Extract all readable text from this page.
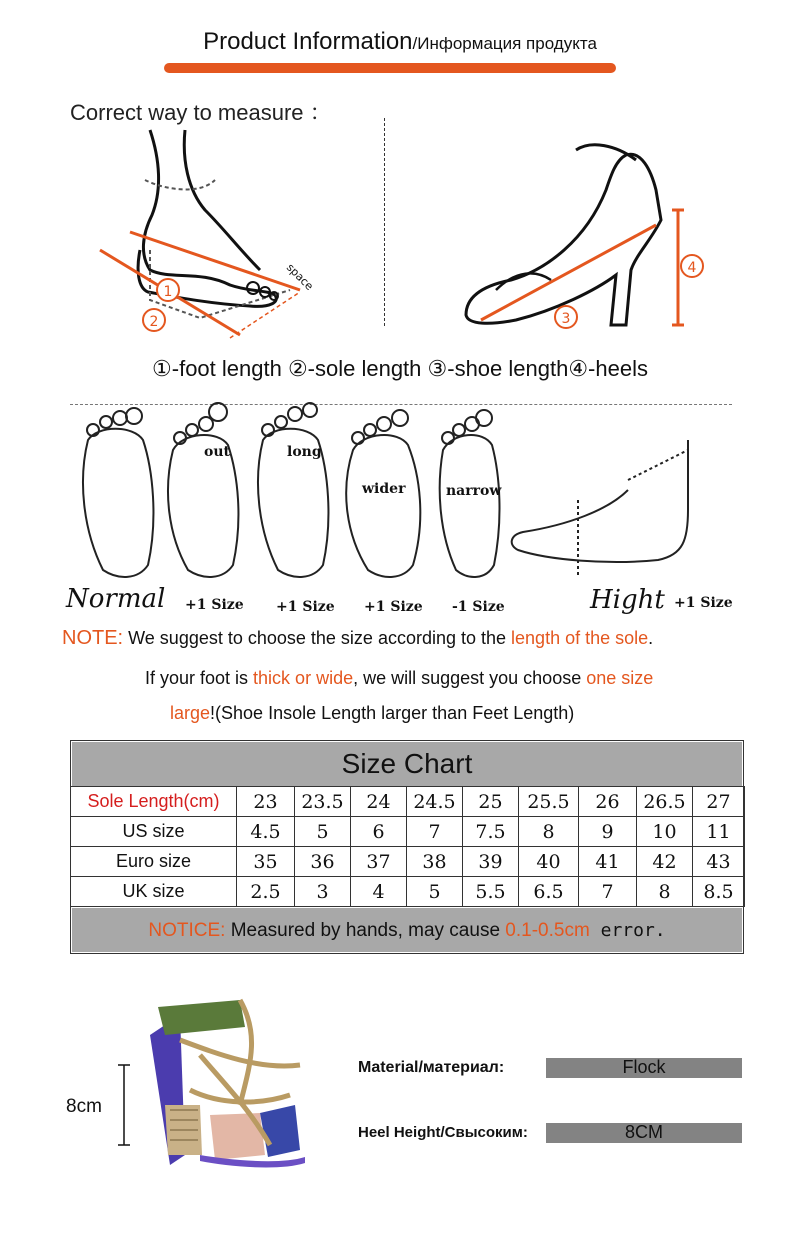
Product Information/Информация продукта
Correct way to measure ：
1
2
space
3
4
①-foot length ②-sole length ③-shoe length④-heels
out	long
wider	narrow
Normal +1 Size +1 Size +1 Size -1 Size	Hight +1 Size
NOTE: We suggest to choose the size according to the length of the sole.
If your foot is thick or wide, we will suggest you choose one size
large!(Shoe Insole Length larger than Feet Length)
Size Chart
Sole Length(cm)	23	23.5	24	24.5	25	25.5	26	26.5	27
US size	4.5	5	6	7	7.5	8	9	10	11
Euro size	35	36	37	38	39	40	41	42	43
UK size	2.5	3	4	5	5.5	6.5	7	8	8.5
NOTICE: Measured by hands, may cause 0.1-0.5cm error.
8cm
Material/материал:	Flock
Heel Height/Свысоким:	8CM
